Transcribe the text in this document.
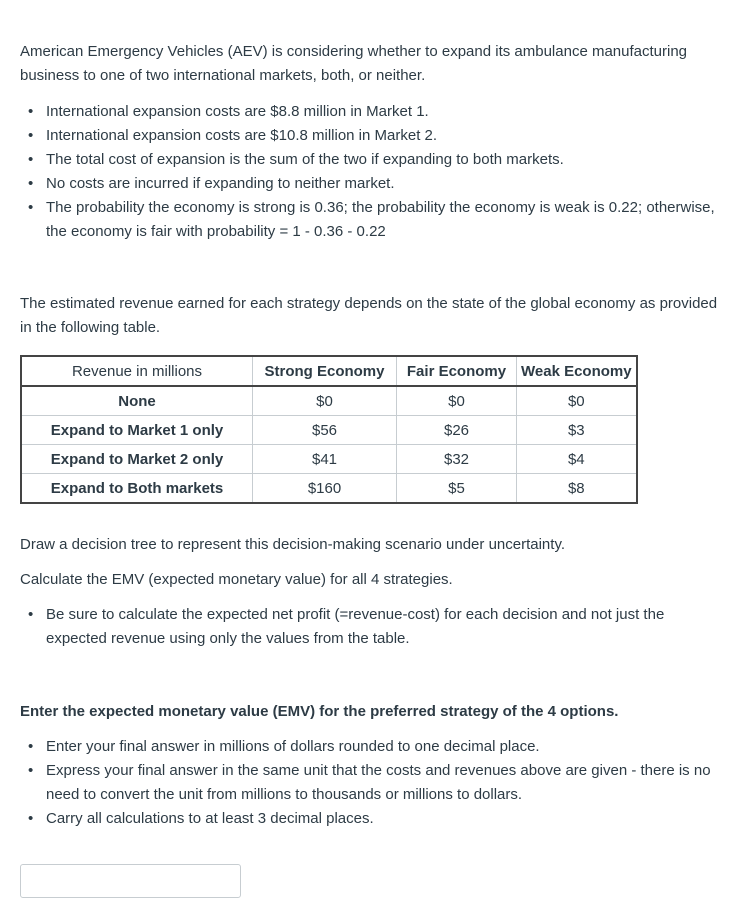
American Emergency Vehicles (AEV) is considering whether to expand its ambulance manufacturing business to one of two international markets, both, or neither.

• International expansion costs are $8.8 million in Market 1.
• International expansion costs are $10.8 million in Market 2.
• The total cost of expansion is the sum of the two if expanding to both markets.
• No costs are incurred if expanding to neither market.
• The probability the economy is strong is 0.36; the probability the economy is weak is 0.22; otherwise, the economy is fair with probability = 1 - 0.36 - 0.22

The estimated revenue earned for each strategy depends on the state of the global economy as provided in the following table.

Revenue in millions	Strong Economy	Fair Economy	Weak Economy
None	$0	$0	$0
Expand to Market 1 only	$56	$26	$3
Expand to Market 2 only	$41	$32	$4
Expand to Both markets	$160	$5	$8

Draw a decision tree to represent this decision-making scenario under uncertainty.

Calculate the EMV (expected monetary value) for all 4 strategies.

• Be sure to calculate the expected net profit (=revenue-cost) for each decision and not just the expected revenue using only the values from the table.

Enter the expected monetary value (EMV) for the preferred strategy of the 4 options.

• Enter your final answer in millions of dollars rounded to one decimal place.
• Express your final answer in the same unit that the costs and revenues above are given - there is no need to convert the unit from millions to thousands or millions to dollars.
• Carry all calculations to at least 3 decimal places.
